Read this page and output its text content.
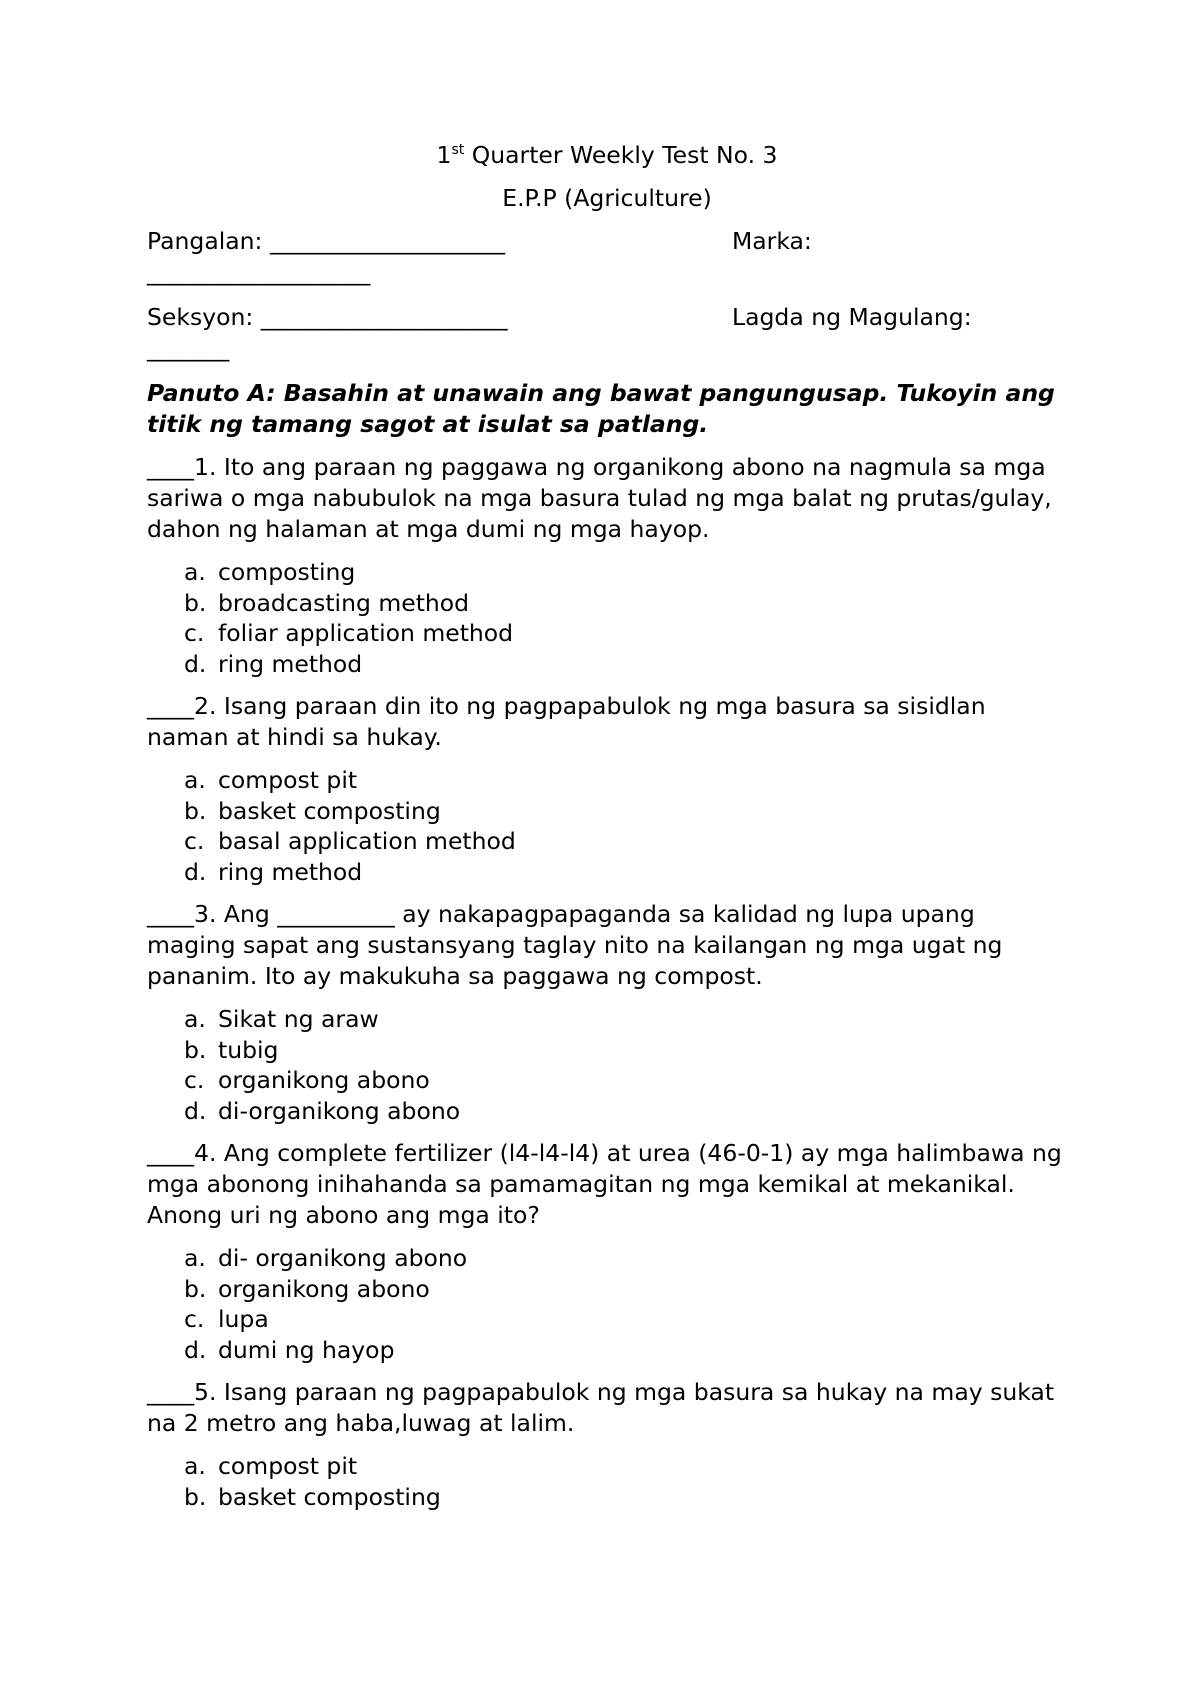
1st Quarter Weekly Test No. 3

E.P.P (Agriculture)

Pangalan: ____________________	Marka:
___________________
Seksyon: _____________________	Lagda ng Magulang:
_______

Panuto A: Basahin at unawain ang bawat pangungusap. Tukoyin ang titik ng tamang sagot at isulat sa patlang.

____1. Ito ang paraan ng paggawa ng organikong abono na nagmula sa mga sariwa o mga nabubulok na mga basura tulad ng mga balat ng prutas/gulay, dahon ng halaman at mga dumi ng mga hayop.

a. composting
b. broadcasting method
c. foliar application method
d. ring method

____2. Isang paraan din ito ng pagpapabulok ng mga basura sa sisidlan naman at hindi sa hukay.

a. compost pit
b. basket composting
c. basal application method
d. ring method

____3. Ang __________ ay nakapagpapaganda sa kalidad ng lupa upang maging sapat ang sustansyang taglay nito na kailangan ng mga ugat ng pananim. Ito ay makukuha sa paggawa ng compost.

a. Sikat ng araw
b. tubig
c. organikong abono
d. di-organikong abono

____4. Ang complete fertilizer (l4-l4-l4) at urea (46-0-1) ay mga halimbawa ng mga abonong inihahanda sa pamamagitan ng mga kemikal at mekanikal. Anong uri ng abono ang mga ito?

a. di- organikong abono
b. organikong abono
c. lupa
d. dumi ng hayop

____5. Isang paraan ng pagpapabulok ng mga basura sa hukay na may sukat na 2 metro ang haba,luwag at lalim.

a. compost pit
b. basket composting
